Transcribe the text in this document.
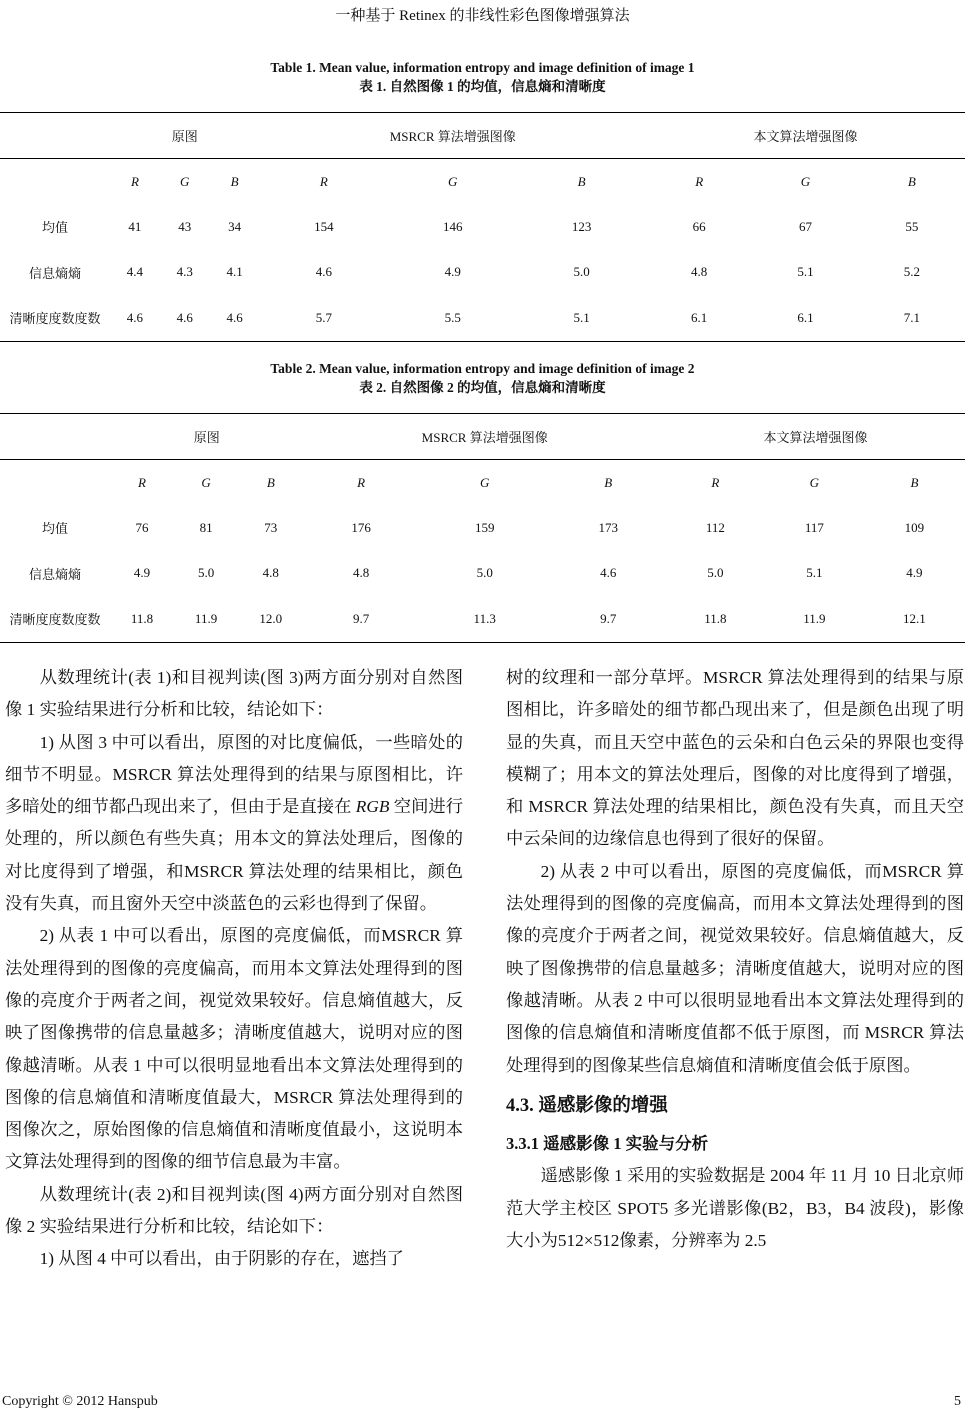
一种基于 Retinex 的非线性彩色图像增强算法
Table 1. Mean value, information entropy and image definition of image 1
表 1. 自然图像 1 的均值，信息熵和清晰度
	原图			MSRCR 算法增强图像			本文算法增强图像		
	R	G	B	R	G	B	R	G	B
均值	41	43	34	154	146	123	66	67	55
信息熵熵	4.4	4.3	4.1	4.6	4.9	5.0	4.8	5.1	5.2
清晰度度数度数	4.6	4.6	4.6	5.7	5.5	5.1	6.1	6.1	7.1
Table 2. Mean value, information entropy and image definition of image 2
表 2. 自然图像 2 的均值，信息熵和清晰度
	原图			MSRCR 算法增强图像			本文算法增强图像		
	R	G	B	R	G	B	R	G	B
均值	76	81	73	176	159	173	112	117	109
信息熵熵	4.9	5.0	4.8	4.8	5.0	4.6	5.0	5.1	4.9
清晰度度数度数	11.8	11.9	12.0	9.7	11.3	9.7	11.8	11.9	12.1

从数理统计(表 1)和目视判读(图 3)两方面分别对自然图像 1 实验结果进行分析和比较，结论如下：

1) 从图 3 中可以看出，原图的对比度偏低，一些暗处的细节不明显。MSRCR 算法处理得到的结果与原图相比，许多暗处的细节都凸现出来了，但由于是直接在 RGB 空间进行处理的，所以颜色有些失真；用本文的算法处理后，图像的对比度得到了增强，和MSRCR 算法处理的结果相比，颜色没有失真，而且窗外天空中淡蓝色的云彩也得到了保留。

2) 从表 1 中可以看出，原图的亮度偏低，而MSRCR 算法处理得到的图像的亮度偏高，而用本文算法处理得到的图像的亮度介于两者之间，视觉效果较好。信息熵值越大，反映了图像携带的信息量越多；清晰度值越大，说明对应的图像越清晰。从表 1 中可以很明显地看出本文算法处理得到的图像的信息熵值和清晰度值最大，MSRCR 算法处理得到的图像次之，原始图像的信息熵值和清晰度值最小，这说明本文算法处理得到的图像的细节信息最为丰富。

从数理统计(表 2)和目视判读(图 4)两方面分别对自然图像 2 实验结果进行分析和比较，结论如下：

1) 从图 4 中可以看出，由于阴影的存在，遮挡了

树的纹理和一部分草坪。MSRCR 算法处理得到的结果与原图相比，许多暗处的细节都凸现出来了，但是颜色出现了明显的失真，而且天空中蓝色的云朵和白色云朵的界限也变得模糊了；用本文的算法处理后，图像的对比度得到了增强，和 MSRCR 算法处理的结果相比，颜色没有失真，而且天空中云朵间的边缘信息也得到了很好的保留。

2) 从表 2 中可以看出，原图的亮度偏低，而MSRCR 算法处理得到的图像的亮度偏高，而用本文算法处理得到的图像的亮度介于两者之间，视觉效果较好。信息熵值越大，反映了图像携带的信息量越多；清晰度值越大，说明对应的图像越清晰。从表 2 中可以很明显地看出本文算法处理得到的图像的信息熵值和清晰度值都不低于原图，而 MSRCR 算法处理得到的图像某些信息熵值和清晰度值会低于原图。

4.3. 遥感影像的增强
3.3.1 遥感影像 1 实验与分析

遥感影像 1 采用的实验数据是 2004 年 11 月 10 日北京师范大学主校区 SPOT5 多光谱影像(B2，B3，B4 波段)，影像大小为512×512像素，分辨率为 2.5

Copyright © 2012 Hanspub	5
